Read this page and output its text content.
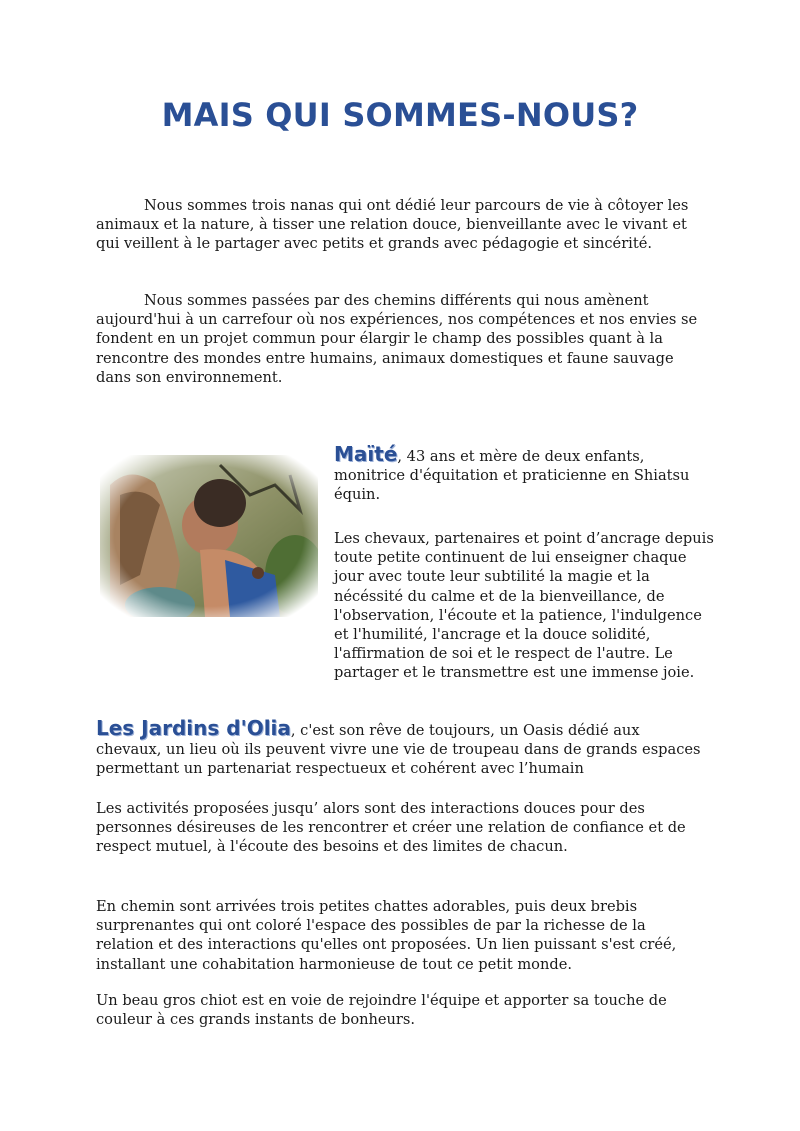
MAIS QUI SOMMES-NOUS?

Nous sommes trois nanas qui ont dédié leur parcours de vie à côtoyer les animaux et la nature, à tisser une relation douce, bienveillante avec le vivant et qui veillent à le partager avec petits et grands avec pédagogie et sincérité.

Nous sommes passées par des chemins différents qui nous amènent aujourd'hui à un carrefour où nos expériences, nos compétences et nos envies se fondent en un projet commun pour élargir le champ des possibles quant à la rencontre des mondes entre humains, animaux domestiques et faune sauvage dans son environnement.

Maïté, 43 ans et mère de deux enfants, monitrice d'équitation et praticienne en Shiatsu équin.

Les chevaux, partenaires et point d’ancrage depuis toute petite continuent de lui enseigner chaque jour avec toute leur subtilité la magie et la nécéssité du calme et de la bienveillance, de l'observation, l'écoute et la patience, l'indulgence et l'humilité, l'ancrage et la douce solidité, l'affirmation de soi et le respect de l'autre. Le partager et le transmettre est une immense joie.

Les Jardins d'Olia, c'est son rêve de toujours, un Oasis dédié aux chevaux, un lieu où ils peuvent vivre une vie de troupeau dans de grands espaces permettant un partenariat respectueux et cohérent avec l’humain

Les activités proposées jusqu’ alors sont des interactions douces pour des personnes désireuses de les rencontrer et créer une relation de confiance et de respect mutuel, à l'écoute des besoins et des limites de chacun.

En chemin sont arrivées trois petites chattes adorables, puis deux brebis surprenantes qui ont coloré l'espace des possibles de par la richesse de la relation et des interactions qu'elles ont proposées. Un lien puissant s'est créé, installant une cohabitation harmonieuse de tout ce petit monde.

Un beau gros chiot est en voie de rejoindre l'équipe et apporter sa touche de couleur à ces grands instants de bonheurs.
